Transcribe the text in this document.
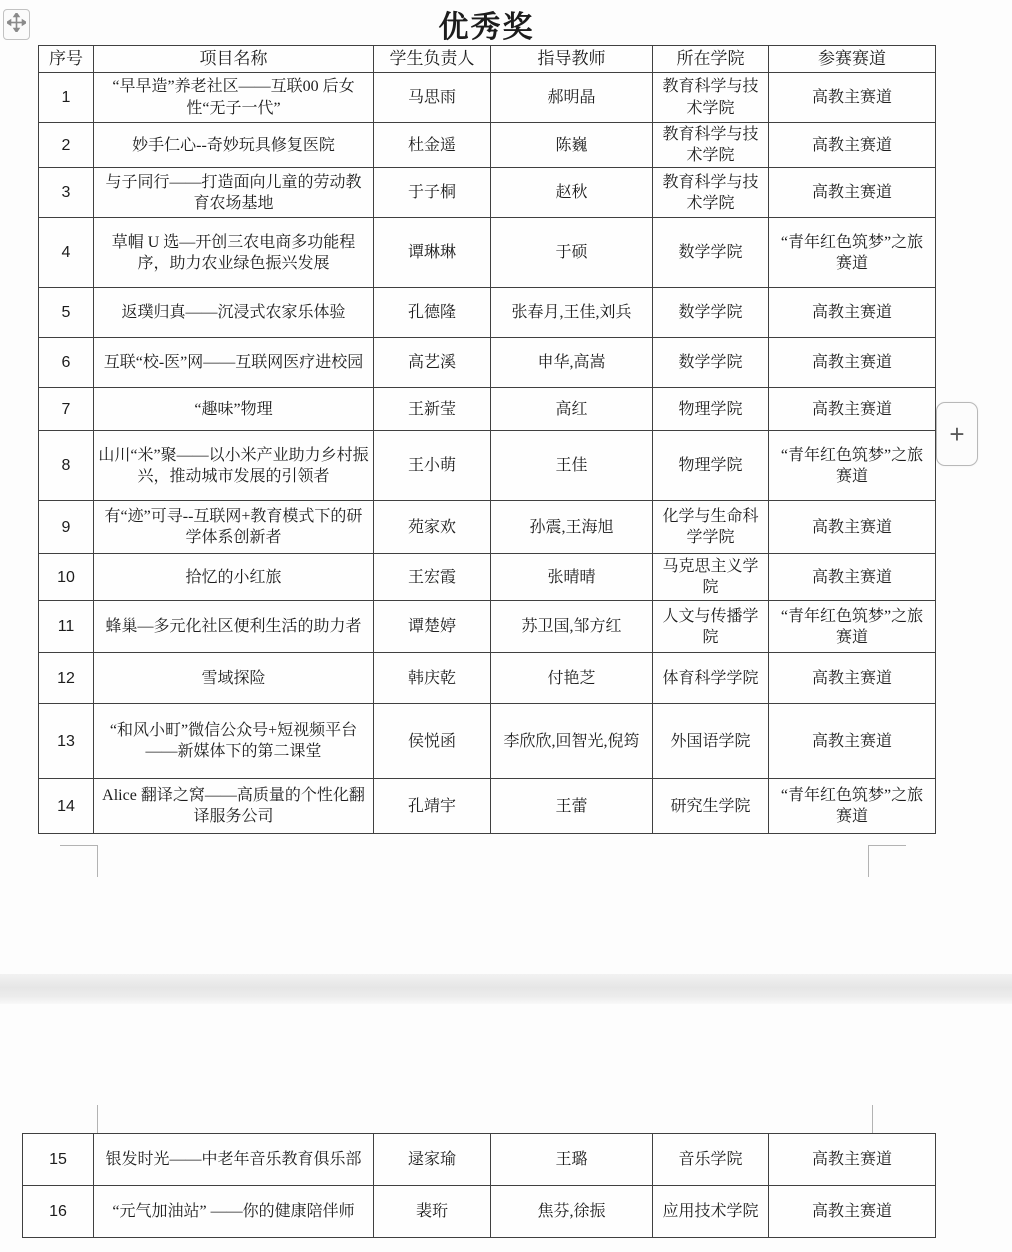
优秀奖
序号	项目名称	学生负责人	指导教师	所在学院	参赛赛道
1	“早早造”养老社区——互联00 后女性“无子一代”	马思雨	郝明晶	教育科学与技术学院	高教主赛道
2	妙手仁心--奇妙玩具修复医院	杜金遥	陈巍	教育科学与技术学院	高教主赛道
3	与子同行——打造面向儿童的劳动教育农场基地	于子桐	赵秋	教育科学与技术学院	高教主赛道
4	草帽 U 选—开创三农电商多功能程序，助力农业绿色振兴发展	谭琳琳	于硕	数学学院	“青年红色筑梦”之旅赛道
5	返璞归真——沉浸式农家乐体验	孔德隆	张春月,王佳,刘兵	数学学院	高教主赛道
6	互联“校-医”网——互联网医疗进校园	高艺溪	申华,高嵩	数学学院	高教主赛道
7	“趣味”物理	王新莹	高红	物理学院	高教主赛道
8	山川“米”聚——以小米产业助力乡村振兴，推动城市发展的引领者	王小萌	王佳	物理学院	“青年红色筑梦”之旅赛道
9	有“迹”可寻--互联网+教育模式下的研学体系创新者	苑家欢	孙震,王海旭	化学与生命科学学院	高教主赛道
10	拾忆的小红旅	王宏霞	张晴晴	马克思主义学院	高教主赛道
11	蜂巢—多元化社区便利生活的助力者	谭楚婷	苏卫国,邹方红	人文与传播学院	“青年红色筑梦”之旅赛道
12	雪域探险	韩庆乾	付艳芝	体育科学学院	高教主赛道
13	“和风小町”微信公众号+短视频平台——新媒体下的第二课堂	侯悦函	李欣欣,回智光,倪筠	外国语学院	高教主赛道
14	Alice 翻译之窝——高质量的个性化翻译服务公司	孔靖宇	王蕾	研究生学院	“青年红色筑梦”之旅赛道
15	银发时光——中老年音乐教育俱乐部	逯家瑜	王璐	音乐学院	高教主赛道
16	“元气加油站” ——你的健康陪伴师	裴珩	焦芬,徐振	应用技术学院	高教主赛道
+
